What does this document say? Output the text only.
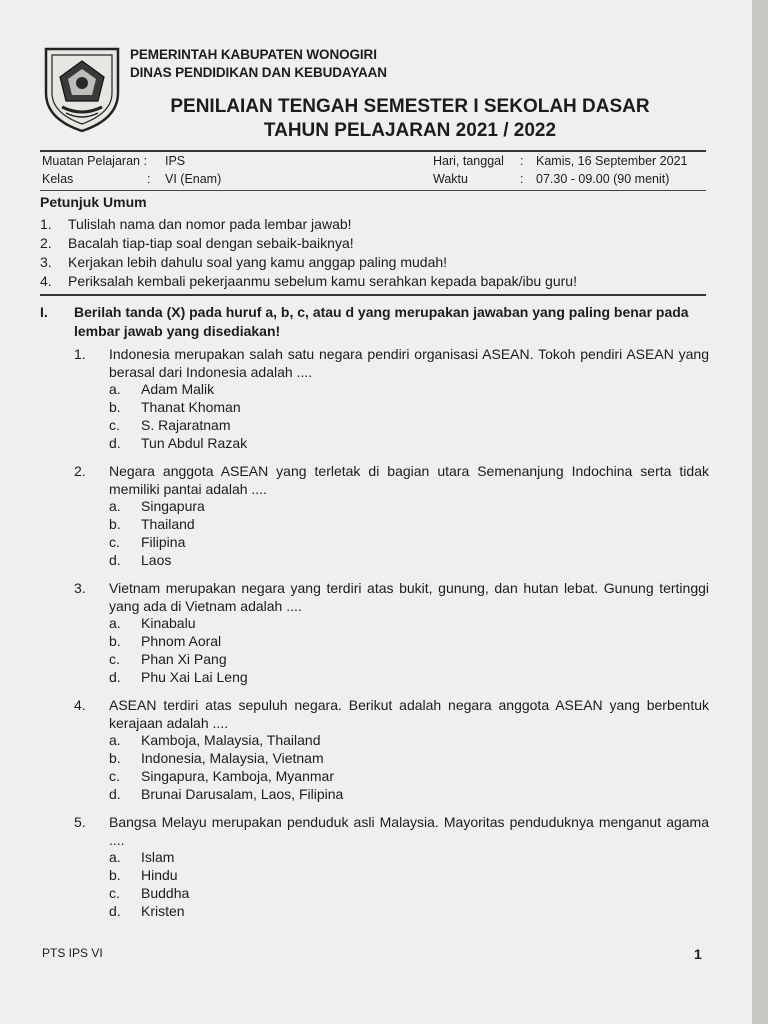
PEMERINTAH KABUPATEN WONOGIRI
DINAS PENDIDIKAN DAN KEBUDAYAAN
PENILAIAN TENGAH SEMESTER I SEKOLAH DASAR
TAHUN PELAJARAN 2021 / 2022
Muatan Pelajaran : IPS
Kelas	: VI (Enam)
Hari, tanggal : Kamis, 16 September 2021
Waktu	: 07.30 - 09.00 (90 menit)
Petunjuk Umum
1. Tulislah nama dan nomor pada lembar jawab!
2. Bacalah tiap-tiap soal dengan sebaik-baiknya!
3. Kerjakan lebih dahulu soal yang kamu anggap paling mudah!
4. Periksalah kembali pekerjaanmu sebelum kamu serahkan kepada bapak/ibu guru!
I. Berilah tanda (X) pada huruf a, b, c, atau d yang merupakan jawaban yang paling benar pada lembar jawab yang disediakan!
1. Indonesia merupakan salah satu negara pendiri organisasi ASEAN. Tokoh pendiri ASEAN yang berasal dari Indonesia adalah ....
a. Adam Malik
b. Thanat Khoman
c. S. Rajaratnam
d. Tun Abdul Razak
2. Negara anggota ASEAN yang terletak di bagian utara Semenanjung Indochina serta tidak memiliki pantai adalah ....
a. Singapura
b. Thailand
c. Filipina
d. Laos
3. Vietnam merupakan negara yang terdiri atas bukit, gunung, dan hutan lebat. Gunung tertinggi yang ada di Vietnam adalah ....
a. Kinabalu
b. Phnom Aoral
c. Phan Xi Pang
d. Phu Xai Lai Leng
4. ASEAN terdiri atas sepuluh negara. Berikut adalah negara anggota ASEAN yang berbentuk kerajaan adalah ....
a. Kamboja, Malaysia, Thailand
b. Indonesia, Malaysia, Vietnam
c. Singapura, Kamboja, Myanmar
d. Brunai Darusalam, Laos, Filipina
5. Bangsa Melayu merupakan penduduk asli Malaysia. Mayoritas penduduknya menganut agama ....
a. Islam
b. Hindu
c. Buddha
d. Kristen
PTS IPS VI	1
